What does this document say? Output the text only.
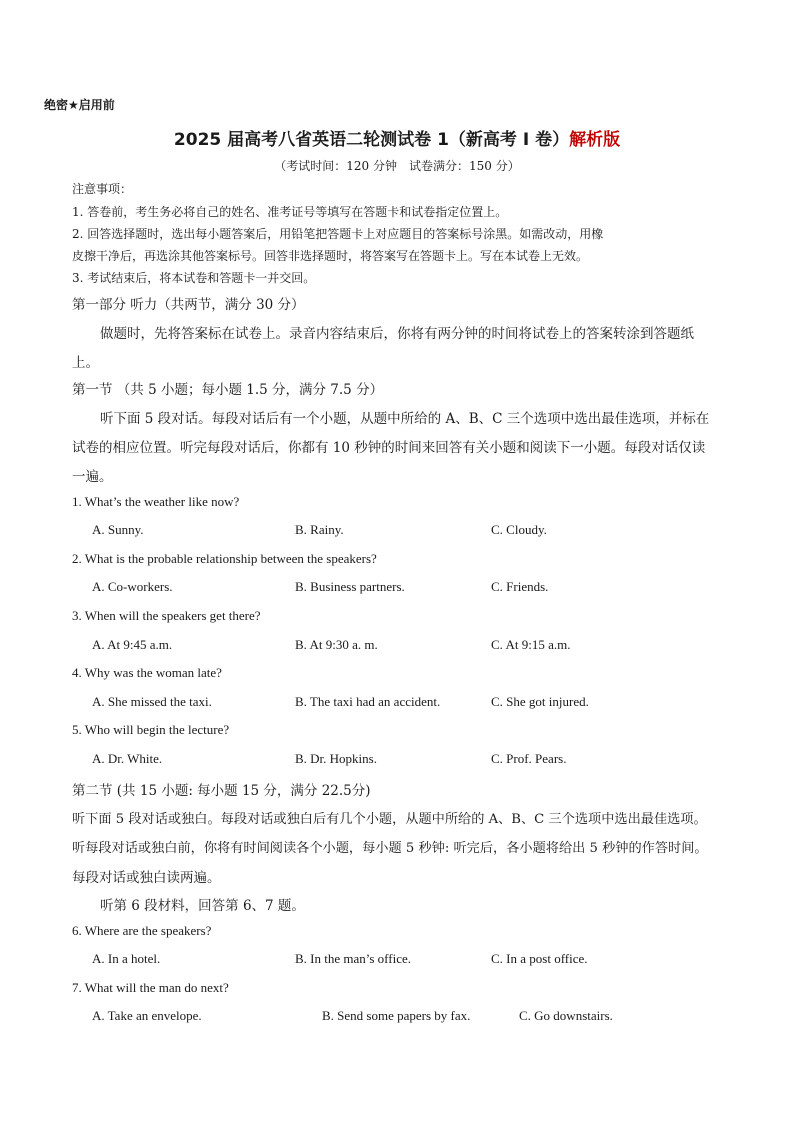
绝密★启用前
2025 届高考八省英语二轮测试卷 1（新高考 I 卷）解析版
（考试时间：120 分钟　试卷满分：150 分）
注意事项：
1. 答卷前，考生务必将自己的姓名、准考证号等填写在答题卡和试卷指定位置上。
2. 回答选择题时，选出每小题答案后，用铅笔把答题卡上对应题目的答案标号涂黑。如需改动，用橡
皮擦干净后，再选涂其他答案标号。回答非选择题时，将答案写在答题卡上。写在本试卷上无效。
3. 考试结束后，将本试卷和答题卡一并交回。
第一部分 听力（共两节，满分 30 分）
做题时，先将答案标在试卷上。录音内容结束后，你将有两分钟的时间将试卷上的答案转涂到答题纸
上。
第一节 （共 5 小题；每小题 1.5 分，满分 7.5 分）
听下面 5 段对话。每段对话后有一个小题，从题中所给的 A、B、C 三个选项中选出最佳选项，并标在
试卷的相应位置。听完每段对话后，你都有 10 秒钟的时间来回答有关小题和阅读下一小题。每段对话仅读
一遍。
1. What’s the weather like now?
A. Sunny.	B. Rainy.	C. Cloudy.
2. What is the probable relationship between the speakers?
A. Co-workers.	B. Business partners.	C. Friends.
3. When will the speakers get there?
A. At 9:45 a.m.	B. At 9:30 a. m.	C. At 9:15 a.m.
4. Why was the woman late?
A. She missed the taxi.	B. The taxi had an accident.	C. She got injured.
5. Who will begin the lecture?
A. Dr. White.	B. Dr. Hopkins.	C. Prof. Pears.
第二节 (共 15 小题: 每小题 15 分，满分 22.5分)
听下面 5 段对话或独白。每段对话或独白后有几个小题，从题中所给的 A、B、C 三个选项中选出最佳选项。
听每段对话或独白前，你将有时间阅读各个小题，每小题 5 秒钟: 听完后，各小题将给出 5 秒钟的作答时间。
每段对话或独白读两遍。
听第 6 段材料，回答第 6、7 题。
6. Where are the speakers?
A. In a hotel.	B. In the man’s office.	C. In a post office.
7. What will the man do next?
A. Take an envelope.	B. Send some papers by fax.	C. Go downstairs.
